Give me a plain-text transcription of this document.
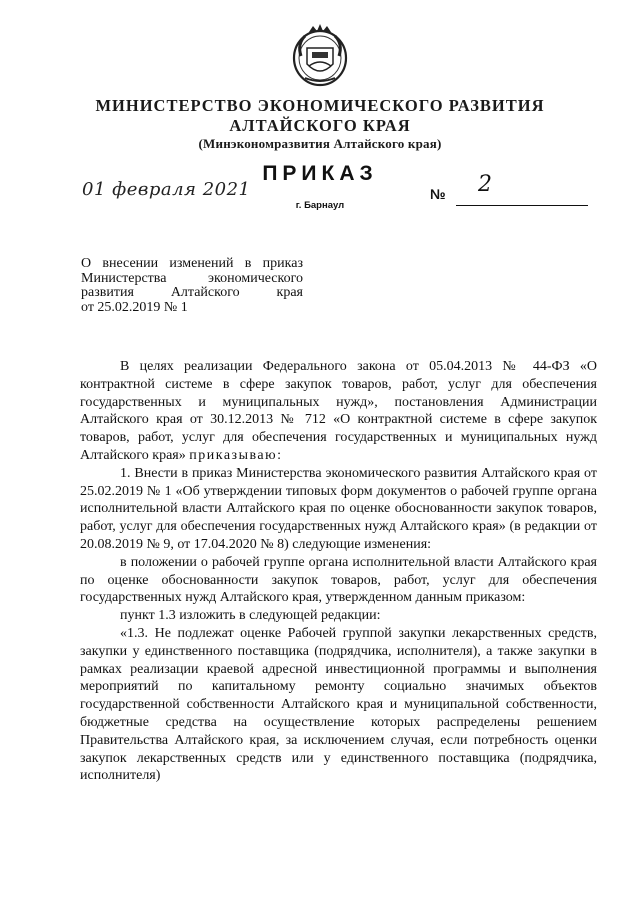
МИНИСТЕРСТВО ЭКОНОМИЧЕСКОГО РАЗВИТИЯ
АЛТАЙСКОГО КРАЯ
(Минэкономразвития Алтайского края)
ПРИКАЗ
01 февраля 2021	№ 2
г. Барнаул
О внесении изменений в приказ
Министерства экономического
развития Алтайского края
от 25.02.2019 № 1

В целях реализации Федерального закона от 05.04.2013 № 44-ФЗ «О контрактной системе в сфере закупок товаров, работ, услуг для обеспечения государственных и муниципальных нужд», постановления Администрации Алтайского края от 30.12.2013 № 712 «О контрактной системе в сфере закупок товаров, работ, услуг для обеспечения государственных и муниципальных нужд Алтайского края» приказываю:

1. Внести в приказ Министерства экономического развития Алтайского края от 25.02.2019 № 1 «Об утверждении типовых форм документов о рабочей группе органа исполнительной власти Алтайского края по оценке обоснованности закупок товаров, работ, услуг для обеспечения государственных нужд Алтайского края» (в редакции от 20.08.2019 № 9, от 17.04.2020 № 8) следующие изменения:

в положении о рабочей группе органа исполнительной власти Алтайского края по оценке обоснованности закупок товаров, работ, услуг для обеспечения государственных нужд Алтайского края, утвержденном данным приказом:

пункт 1.3 изложить в следующей редакции:

«1.3. Не подлежат оценке Рабочей группой закупки лекарственных средств, закупки у единственного поставщика (подрядчика, исполнителя), а также закупки в рамках реализации краевой адресной инвестиционной программы и выполнения мероприятий по капитальному ремонту социально значимых объектов государственной собственности Алтайского края и муниципальной собственности, бюджетные средства на осуществление которых распределены решением Правительства Алтайского края, за исключением случая, если потребность оценки закупок лекарственных средств или у единственного поставщика (подрядчика, исполнителя)
